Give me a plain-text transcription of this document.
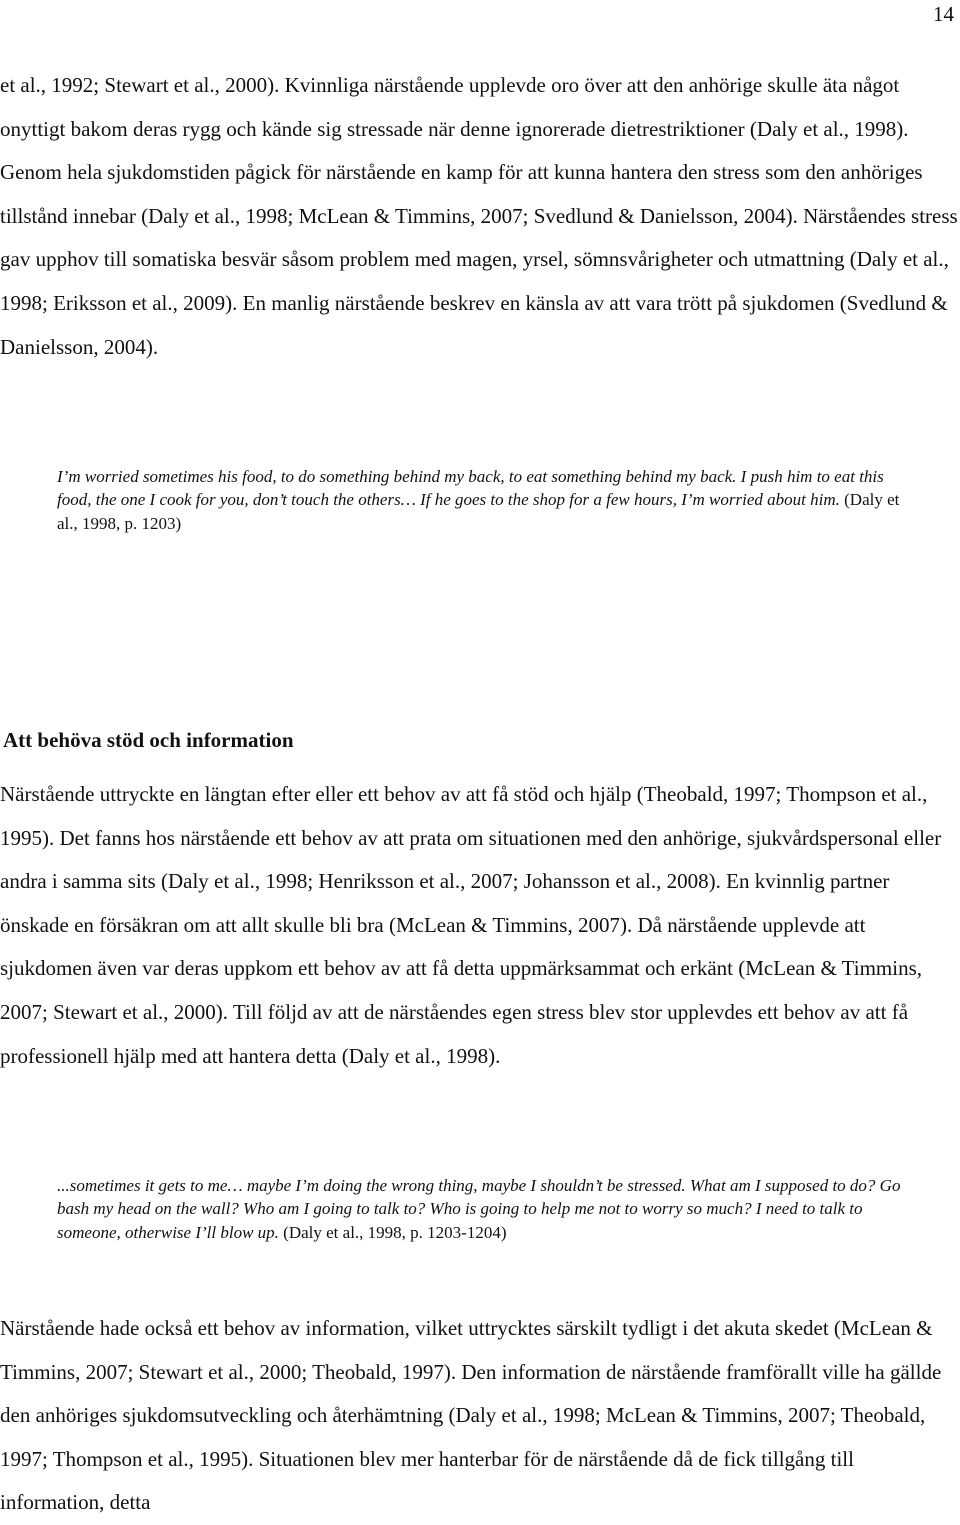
14

et al., 1992; Stewart et al., 2000). Kvinnliga närstående upplevde oro över att den anhörige skulle äta något onyttigt bakom deras rygg och kände sig stressade när denne ignorerade dietrestriktioner (Daly et al., 1998). Genom hela sjukdomstiden pågick för närstående en kamp för att kunna hantera den stress som den anhöriges tillstånd innebar (Daly et al., 1998; McLean & Timmins, 2007; Svedlund & Danielsson, 2004). Närståendes stress gav upphov till somatiska besvär såsom problem med magen, yrsel, sömnsvårigheter och utmattning (Daly et al., 1998; Eriksson et al., 2009). En manlig närstående beskrev en känsla av att vara trött på sjukdomen (Svedlund & Danielsson, 2004).

I’m worried sometimes his food, to do something behind my back, to eat something behind my back. I push him to eat this food, the one I cook for you, don’t touch the others… If he goes to the shop for a few hours, I’m worried about him. (Daly et al., 1998, p. 1203)

Att behöva stöd och information

Närstående uttryckte en längtan efter eller ett behov av att få stöd och hjälp (Theobald, 1997; Thompson et al., 1995). Det fanns hos närstående ett behov av att prata om situationen med den anhörige, sjukvårdspersonal eller andra i samma sits (Daly et al., 1998; Henriksson et al., 2007; Johansson et al., 2008). En kvinnlig partner önskade en försäkran om att allt skulle bli bra (McLean & Timmins, 2007). Då närstående upplevde att sjukdomen även var deras uppkom ett behov av att få detta uppmärksammat och erkänt (McLean & Timmins, 2007; Stewart et al., 2000). Till följd av att de närståendes egen stress blev stor upplevdes ett behov av att få professionell hjälp med att hantera detta (Daly et al., 1998).

...sometimes it gets to me… maybe I’m doing the wrong thing, maybe I shouldn’t be stressed. What am I supposed to do? Go bash my head on the wall? Who am I going to talk to? Who is going to help me not to worry so much? I need to talk to someone, otherwise I’ll blow up. (Daly et al., 1998, p. 1203-1204)

Närstående hade också ett behov av information, vilket uttrycktes särskilt tydligt i det akuta skedet (McLean & Timmins, 2007; Stewart et al., 2000; Theobald, 1997). Den information de närstående framförallt ville ha gällde den anhöriges sjukdomsutveckling och återhämtning (Daly et al., 1998; McLean & Timmins, 2007; Theobald, 1997; Thompson et al., 1995). Situationen blev mer hanterbar för de närstående då de fick tillgång till information, detta
